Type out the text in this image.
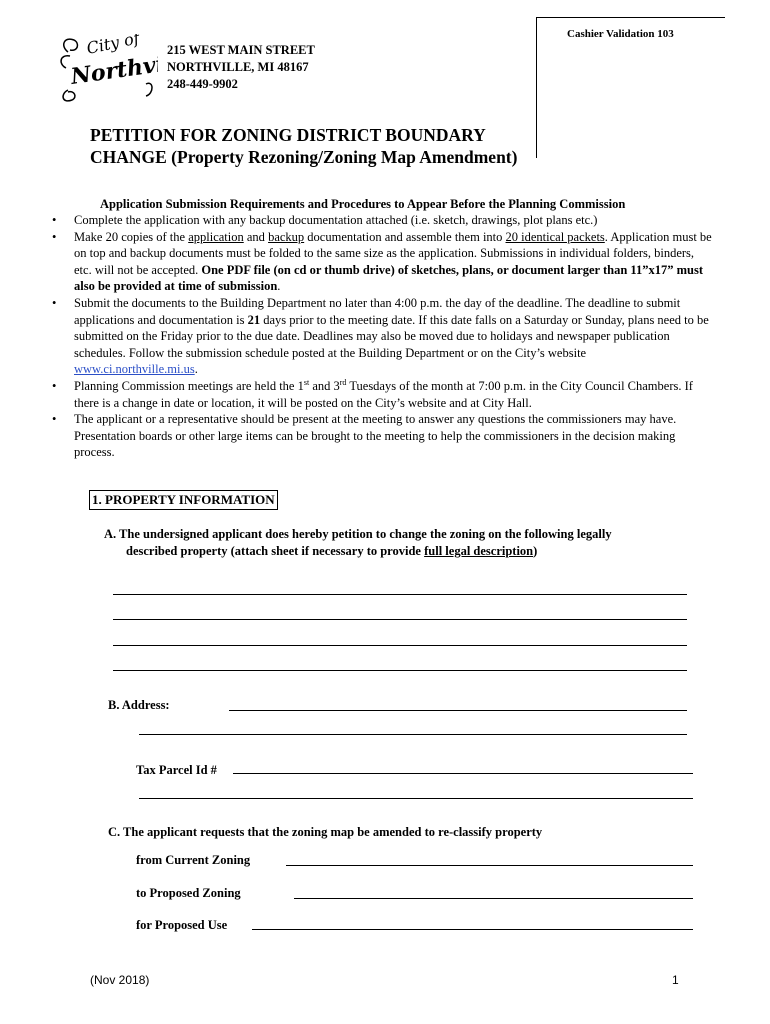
City of
Northville
215 WEST MAIN STREET
NORTHVILLE, MI 48167
248-449-9902
Cashier Validation 103
PETITION FOR ZONING DISTRICT BOUNDARY
CHANGE (Property Rezoning/Zoning Map Amendment)
Application Submission Requirements and Procedures to Appear Before the Planning Commission
• Complete the application with any backup documentation attached (i.e. sketch, drawings, plot plans etc.)
• Make 20 copies of the application and backup documentation and assemble them into 20 identical packets. Application must be on top and backup documents must be folded to the same size as the application. Submissions in individual folders, binders, etc. will not be accepted. One PDF file (on cd or thumb drive) of sketches, plans, or document larger than 11”x17” must also be provided at time of submission.
• Submit the documents to the Building Department no later than 4:00 p.m. the day of the deadline. The deadline to submit applications and documentation is 21 days prior to the meeting date. If this date falls on a Saturday or Sunday, plans need to be submitted on the Friday prior to the due date. Deadlines may also be moved due to holidays and newspaper publication schedules. Follow the submission schedule posted at the Building Department or on the City’s website www.ci.northville.mi.us.
• Planning Commission meetings are held the 1st and 3rd Tuesdays of the month at 7:00 p.m. in the City Council Chambers. If there is a change in date or location, it will be posted on the City’s website and at City Hall.
• The applicant or a representative should be present at the meeting to answer any questions the commissioners may have. Presentation boards or other large items can be brought to the meeting to help the commissioners in the decision making process.
1. PROPERTY INFORMATION
A. The undersigned applicant does hereby petition to change the zoning on the following legally
described property (attach sheet if necessary to provide full legal description)
B. Address:
Tax Parcel Id #
C. The applicant requests that the zoning map be amended to re-classify property
from Current Zoning
to Proposed Zoning
for Proposed Use
(Nov 2018)	1
